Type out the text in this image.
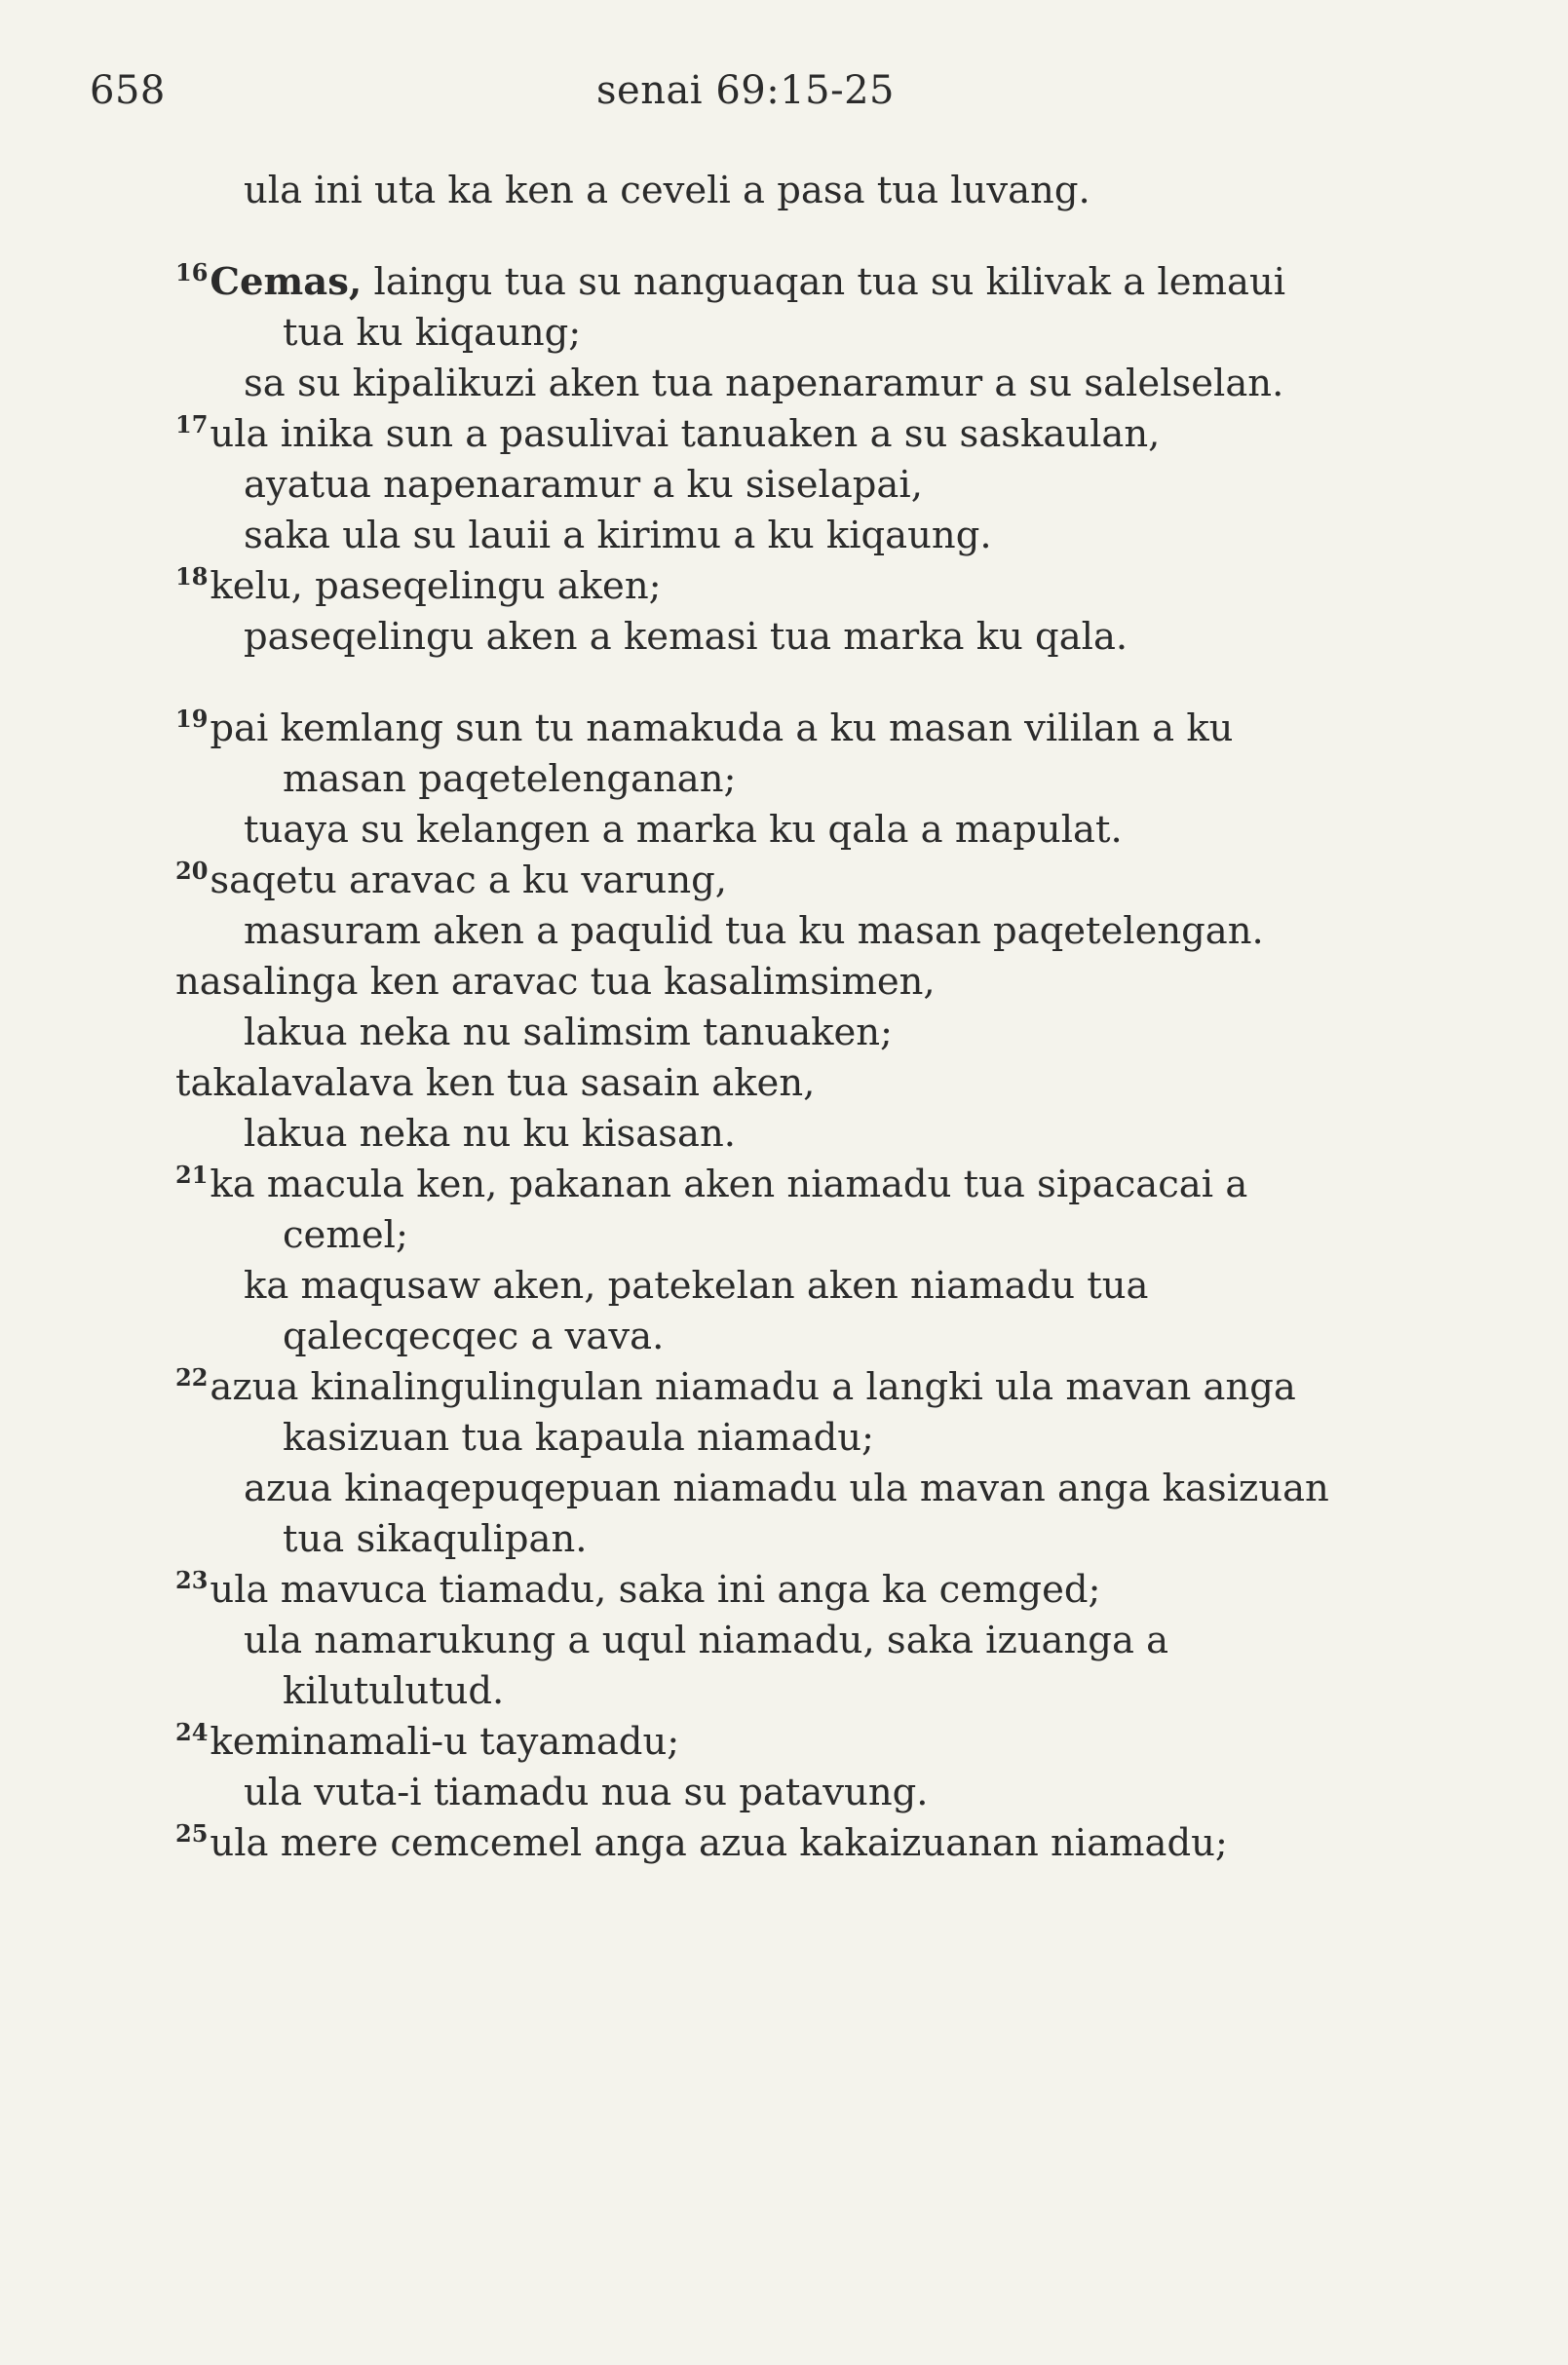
658	senai 69:15-25
ula ini uta ka ken a ceveli a pasa tua luvang.
$^{16}$Cemas, laingu tua su nanguaqan tua su kilivak a lemaui
tua ku kiqaung;
sa su kipalikuzi aken tua napenaramur a su salelselan.
$^{17}$ula inika sun a pasulivai tanuaken a su saskaulan,
ayatua napenaramur a ku siselapai,
saka ula su lauii a kirimu a ku kiqaung.
$^{18}$kelu, paseqelingu aken;
paseqelingu aken a kemasi tua marka ku qala.
$^{19}$pai kemlang sun tu namakuda a ku masan vililan a ku
masan paqetelenganan;
tuaya su kelangen a marka ku qala a mapulat.
$^{20}$saqetu aravac a ku varung,
masuram aken a paqulid tua ku masan paqetelengan.
nasalinga ken aravac tua kasalimsimen,
lakua neka nu salimsim tanuaken;
takalavalava ken tua sasain aken,
lakua neka nu ku kisasan.
$^{21}$ka macula ken, pakanan aken niamadu tua sipacacai a
cemel;
ka maqusaw aken, patekelan aken niamadu tua
qalecqecqec a vava.
$^{22}$azua kinalingulingulan niamadu a langki ula mavan anga
kasizuan tua kapaula niamadu;
azua kinaqepuqepuan niamadu ula mavan anga kasizuan
tua sikaqulipan.
$^{23}$ula mavuca tiamadu, saka ini anga ka cemged;
ula namarukung a uqul niamadu, saka izuanga a
kilutulutud.
$^{24}$keminamali-u tayamadu;
ula vuta-i tiamadu nua su patavung.
$^{25}$ula mere cemcemel anga azua kakaizuanan niamadu;
